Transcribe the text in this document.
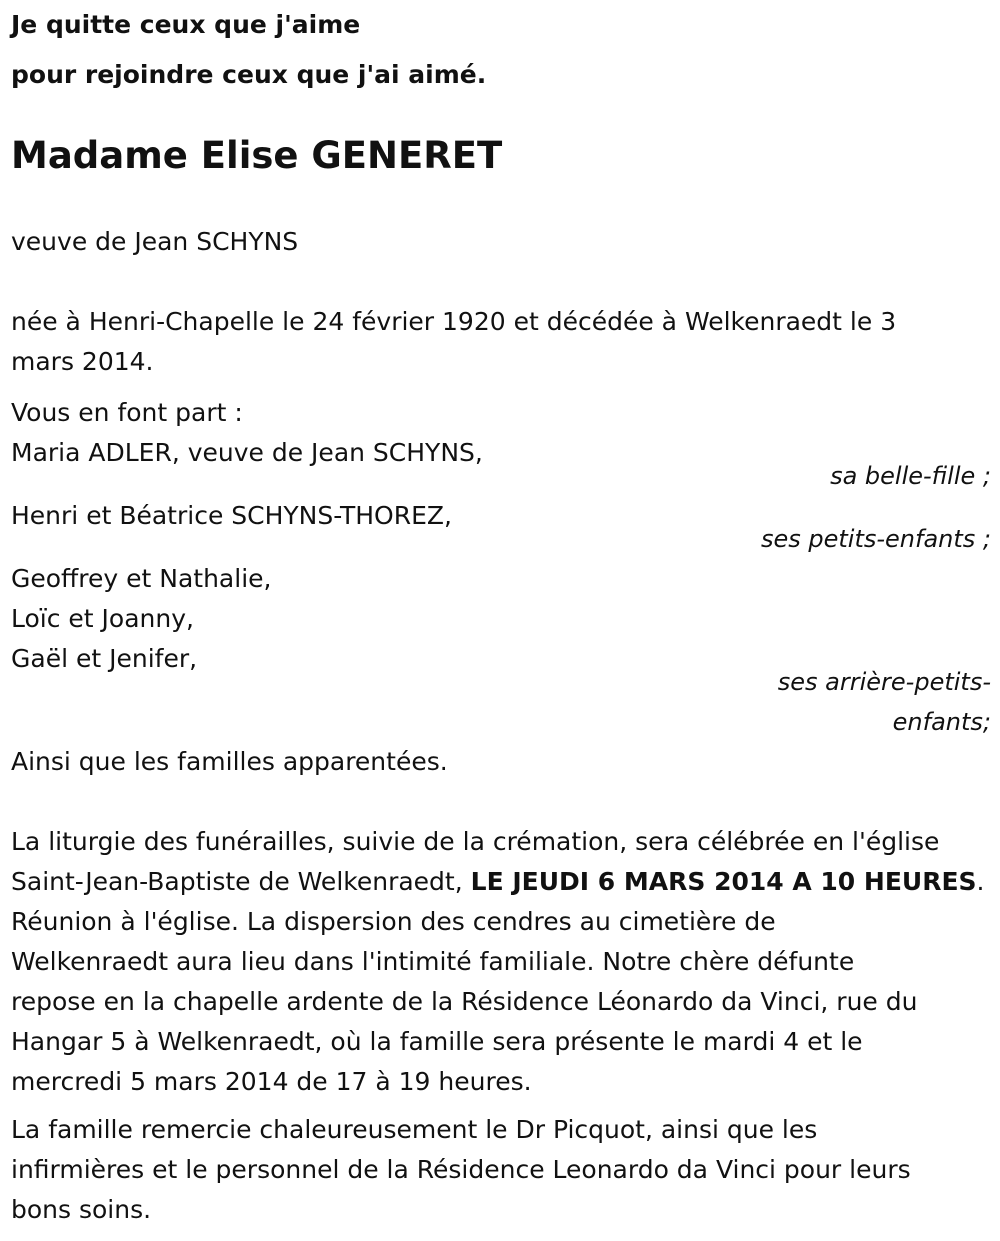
Je quitte ceux que j'aime

pour rejoindre ceux que j'ai aimé.

Madame Elise GENERET

veuve de Jean SCHYNS

née à Henri-Chapelle le 24 février 1920 et décédée à Welkenraedt le 3

mars 2014.

Vous en font part :

Maria ADLER, veuve de Jean SCHYNS,

sa belle-fille ;

Henri et Béatrice SCHYNS-THOREZ,

ses petits-enfants ;

Geoffrey et Nathalie,

Loïc et Joanny,

Gaël et Jenifer,

ses arrière-petits-

enfants;

Ainsi que les familles apparentées.

La liturgie des funérailles, suivie de la crémation, sera célébrée en l'église
Saint-Jean-Baptiste de Welkenraedt, LE JEUDI 6 MARS 2014 A 10 HEURES.
Réunion à l'église. La dispersion des cendres au cimetière de
Welkenraedt aura lieu dans l'intimité familiale. Notre chère défunte
repose en la chapelle ardente de la Résidence Léonardo da Vinci, rue du
Hangar 5 à Welkenraedt, où la famille sera présente le mardi 4 et le
mercredi 5 mars 2014 de 17 à 19 heures.
La famille remercie chaleureusement le Dr Picquot, ainsi que les
infirmières et le personnel de la Résidence Leonardo da Vinci pour leurs
bons soins.
